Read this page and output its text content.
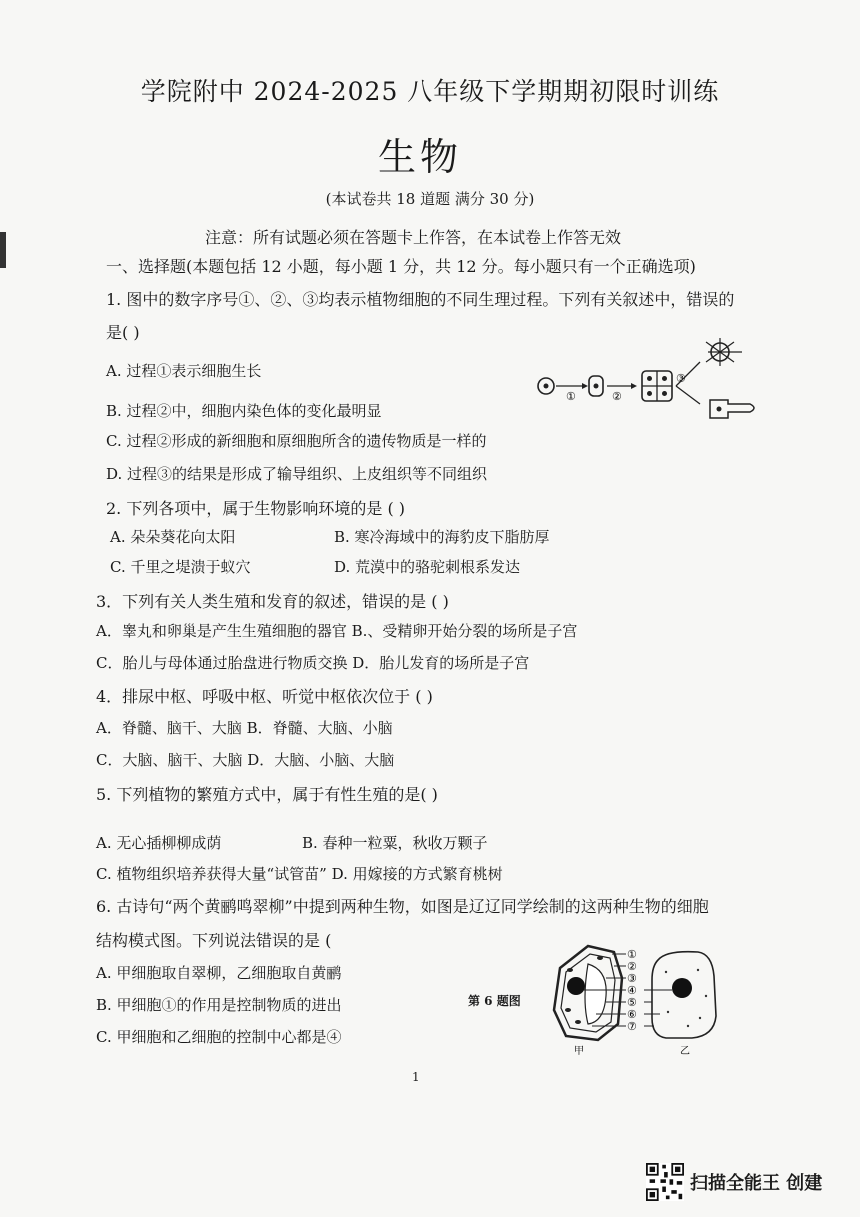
学院附中 2024-2025 八年级下学期期初限时训练
生物
(本试卷共 18 道题 满分 30 分)
注意：所有试题必须在答题卡上作答，在本试卷上作答无效
一、选择题(本题包括 12 小题，每小题 1 分，共 12 分。每小题只有一个正确选项)
1. 图中的数字序号①、②、③均表示植物细胞的不同生理过程。下列有关叙述中，错误的
是( )
A. 过程①表示细胞生长
B. 过程②中，细胞内染色体的变化最明显
C. 过程②形成的新细胞和原细胞所含的遗传物质是一样的
D. 过程③的结果是形成了输导组织、上皮组织等不同组织
①	②
③
2. 下列各项中，属于生物影响环境的是 ( )
A. 朵朵葵花向太阳	B. 寒冷海域中的海豹皮下脂肪厚
C. 千里之堤溃于蚁穴	D. 荒漠中的骆驼刺根系发达
3．下列有关人类生殖和发育的叙述，错误的是 ( )
A．睾丸和卵巢是产生生殖细胞的器官 B.、受精卵开始分裂的场所是子宫
C．胎儿与母体通过胎盘进行物质交换 D．胎儿发育的场所是子宫
4．排尿中枢、呼吸中枢、听觉中枢依次位于 ( )
A．脊髓、脑干、大脑 B．脊髓、大脑、小脑
C．大脑、脑干、大脑 D．大脑、小脑、大脑
5. 下列植物的繁殖方式中，属于有性生殖的是( )
A. 无心插柳柳成荫	B. 春种一粒粟，秋收万颗子
C. 植物组织培养获得大量“试管苗” D. 用嫁接的方式繁育桃树
6. 古诗句“两个黄鹂鸣翠柳”中提到两种生物，如图是辽辽同学绘制的这两种生物的细胞
结构模式图。下列说法错误的是 (
A. 甲细胞取自翠柳，乙细胞取自黄鹂
B. 甲细胞①的作用是控制物质的进出
C. 甲细胞和乙细胞的控制中心都是④
第 6 题图
①
②
③
④
⑤
⑥
⑦
甲	乙
1
扫描全能王 创建
